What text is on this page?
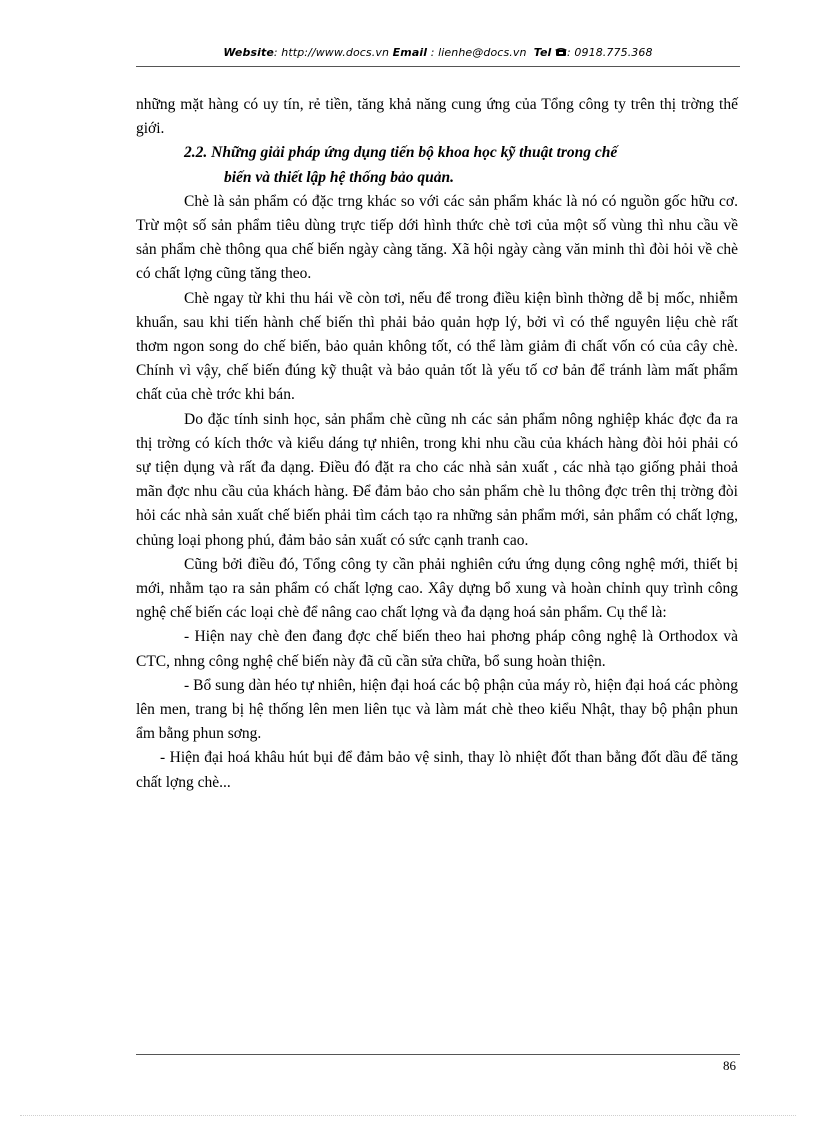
Website: http://www.docs.vn Email : lienhe@docs.vn Tel : 0918.775.368

những mặt hàng có uy tín, rẻ tiền, tăng khả năng cung ứng của Tổng công ty trên thị trờng thế giới.

2.2. Những giải pháp ứng dụng tiến bộ khoa học kỹ thuật trong chế
biến và thiết lập hệ thống bảo quản.

Chè là sản phẩm có đặc trng khác so với các sản phẩm khác là nó có nguồn gốc hữu cơ. Trừ một số sản phẩm tiêu dùng trực tiếp dới hình thức chè tơi của một số vùng thì nhu cầu về sản phẩm chè thông qua chế biến ngày càng tăng. Xã hội ngày càng văn minh thì đòi hỏi về chè có chất lợng cũng tăng theo.

Chè ngay từ khi thu hái về còn tơi, nếu để trong điều kiện bình thờng dễ bị mốc, nhiễm khuẩn, sau khi tiến hành chế biến thì phải bảo quản hợp lý, bởi vì có thể nguyên liệu chè rất thơm ngon song do chế biến, bảo quản không tốt, có thể làm giảm đi chất vốn có của cây chè. Chính vì vậy, chế biến đúng kỹ thuật và bảo quản tốt là yếu tố cơ bản để tránh làm mất phẩm chất của chè trớc khi bán.

Do đặc tính sinh học, sản phẩm chè cũng nh các sản phẩm nông nghiệp khác đợc đa ra thị trờng có kích thớc và kiểu dáng tự nhiên, trong khi nhu cầu của khách hàng đòi hỏi phải có sự tiện dụng và rất đa dạng. Điều đó đặt ra cho các nhà sản xuất , các nhà tạo giống phải thoả mãn đợc nhu cầu của khách hàng. Để đảm bảo cho sản phẩm chè lu thông đợc trên thị trờng đòi hỏi các nhà sản xuất chế biến phải tìm cách tạo ra những sản phẩm mới, sản phẩm có chất lợng, chủng loại phong phú, đảm bảo sản xuất có sức cạnh tranh cao.

Cũng bởi điều đó, Tổng công ty cần phải nghiên cứu ứng dụng công nghệ mới, thiết bị mới, nhằm tạo ra sản phẩm có chất lợng cao. Xây dựng bổ xung và hoàn chỉnh quy trình công nghệ chế biến các loại chè để nâng cao chất lợng và đa dạng hoá sản phẩm. Cụ thể là:

- Hiện nay chè đen đang đợc chế biến theo hai phơng pháp công nghệ là Orthodox và CTC, nhng công nghệ chế biến này đã cũ cần sửa chữa, bổ sung hoàn thiện.

- Bổ sung dàn héo tự nhiên, hiện đại hoá các bộ phận của máy rò, hiện đại hoá các phòng lên men, trang bị hệ thống lên men liên tục và làm mát chè theo kiểu Nhật, thay bộ phận phun ẩm bằng phun sơng.

- Hiện đại hoá khâu hút bụi để đảm bảo vệ sinh, thay lò nhiệt đốt than bằng đốt dầu để tăng chất lợng chè...

86
